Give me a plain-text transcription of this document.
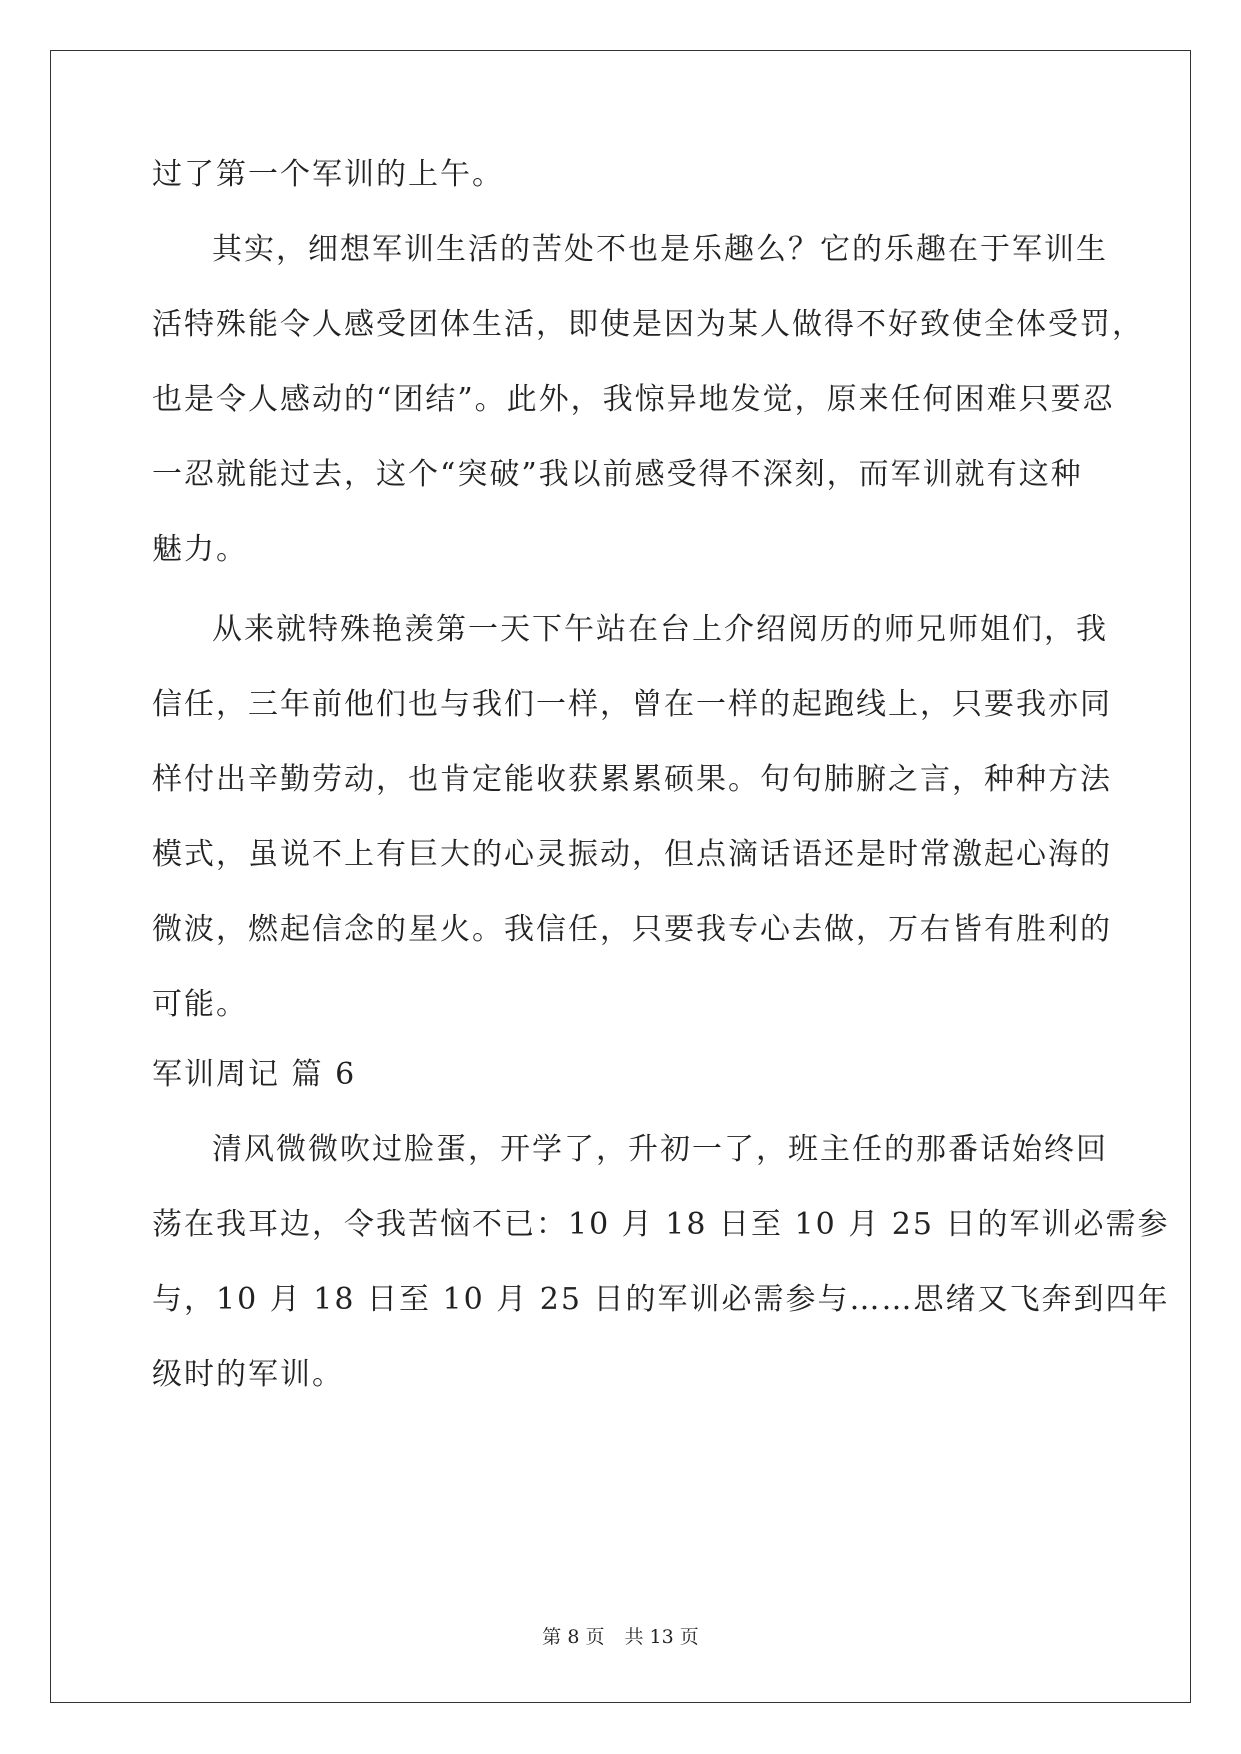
过了第一个军训的上午。
其实，细想军训生活的苦处不也是乐趣么？它的乐趣在于军训生
活特殊能令人感受团体生活，即使是因为某人做得不好致使全体受罚，
也是令人感动的“团结”。此外，我惊异地发觉，原来任何困难只要忍
一忍就能过去，这个“突破”我以前感受得不深刻，而军训就有这种
魅力。
从来就特殊艳羡第一天下午站在台上介绍阅历的师兄师姐们，我
信任，三年前他们也与我们一样，曾在一样的起跑线上，只要我亦同
样付出辛勤劳动，也肯定能收获累累硕果。句句肺腑之言，种种方法
模式，虽说不上有巨大的心灵振动，但点滴话语还是时常激起心海的
微波，燃起信念的星火。我信任，只要我专心去做，万右皆有胜利的
可能。
军训周记 篇 6
清风微微吹过脸蛋，开学了，升初一了，班主任的那番话始终回
荡在我耳边，令我苦恼不已：10 月 18 日至 10 月 25 日的军训必需参
与，10 月 18 日至 10 月 25 日的军训必需参与……思绪又飞奔到四年
级时的军训。
第 8 页 共 13 页
